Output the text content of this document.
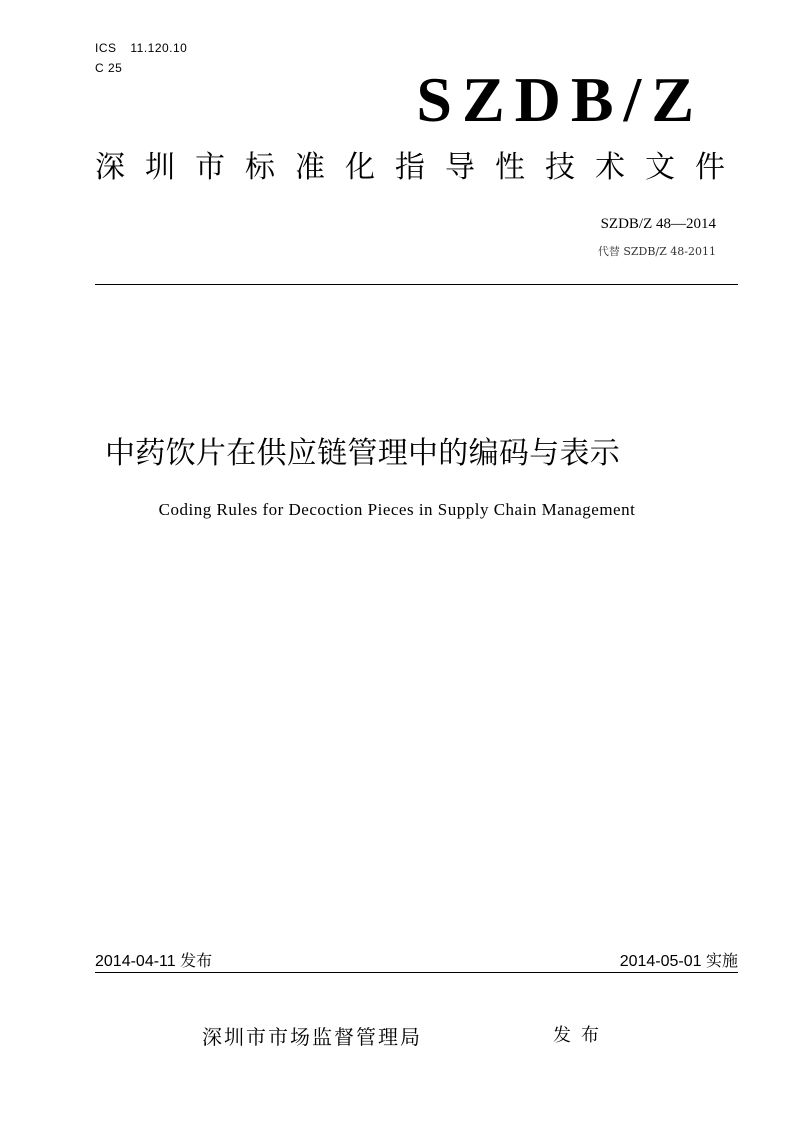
ICS 11.120.10
C 25	SZDB/Z
深圳市标准化指导性技术文件
SZDB/Z 48—2014
代替 SZDB/Z 48-2011
中药饮片在供应链管理中的编码与表示
Coding Rules for Decoction Pieces in Supply Chain Management
2014-04-11 发布	2014-05-01 实施
深圳市市场监督管理局	发布
